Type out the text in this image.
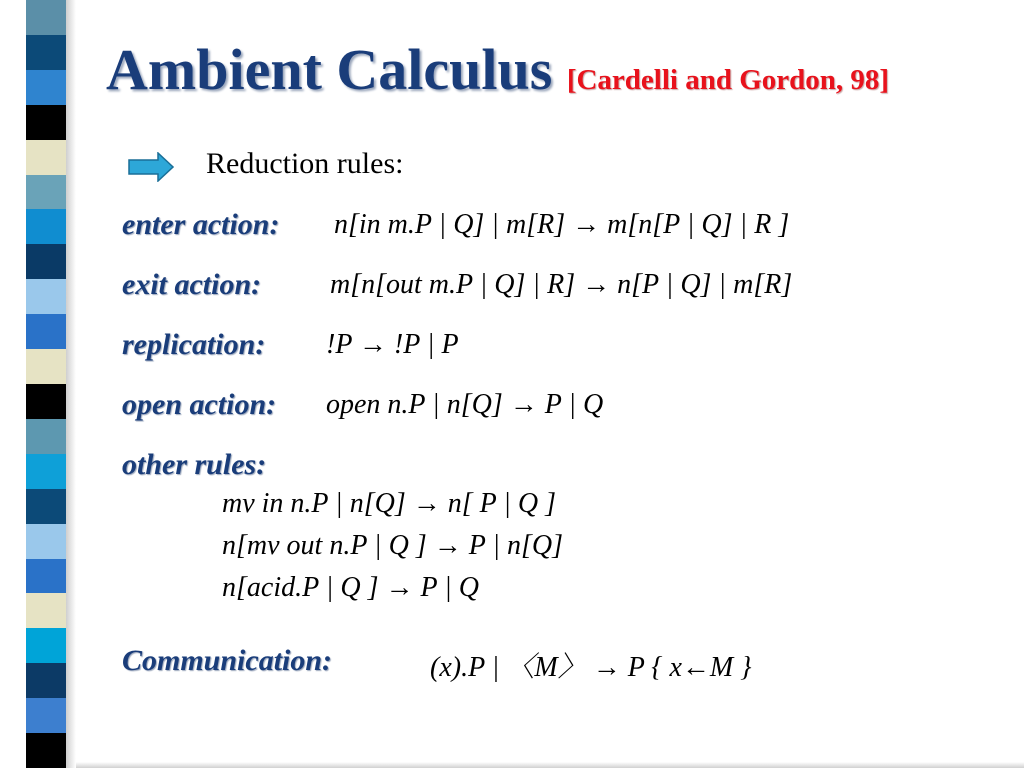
Ambient Calculus [Cardelli and Gordon, 98]
Reduction rules:
enter action: n[in m.P | Q] | m[R] → m[n[P | Q] | R ]
exit action: m[n[out m.P | Q] | R] → n[P | Q] | m[R]
replication: !P → !P | P
open action: open n.P | n[Q] → P | Q
other rules:
mv in n.P | n[Q] → n[ P | Q ]
n[mv out n.P | Q ] → P | n[Q]
n[acid.P | Q ] → P | Q
Communication:	(x).P | 〈M〉 → P { x←M }
